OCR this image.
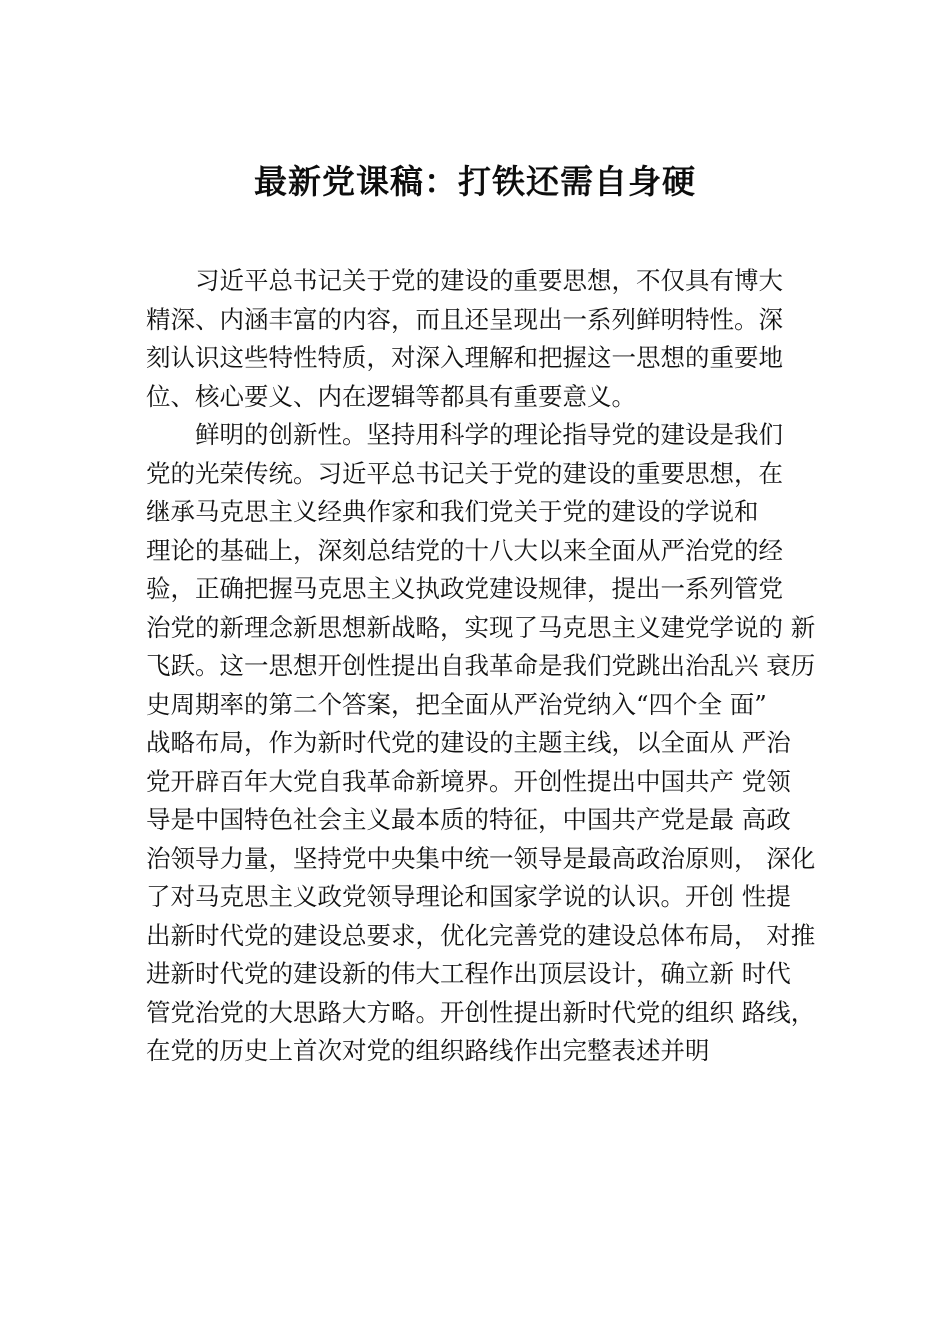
最新党课稿：打铁还需自身硬
习近平总书记关于党的建设的重要思想，不仅具有博大
精深、内涵丰富的内容，而且还呈现出一系列鲜明特性。深
刻认识这些特性特质，对深入理解和把握这一思想的重要地
位、核心要义、内在逻辑等都具有重要意义。
鲜明的创新性。坚持用科学的理论指导党的建设是我们
党的光荣传统。习近平总书记关于党的建设的重要思想，在
继承马克思主义经典作家和我们党关于党的建设的学说和
理论的基础上，深刻总结党的十八大以来全面从严治党的经
验，正确把握马克思主义执政党建设规律，提出一系列管党
治党的新理念新思想新战略，实现了马克思主义建党学说的 新
飞跃。这一思想开创性提出自我革命是我们党跳出治乱兴 衰历
史周期率的第二个答案，把全面从严治党纳入“四个全 面”
战略布局，作为新时代党的建设的主题主线，以全面从 严治
党开辟百年大党自我革命新境界。开创性提出中国共产 党领
导是中国特色社会主义最本质的特征，中国共产党是最 高政
治领导力量，坚持党中央集中统一领导是最高政治原则， 深化
了对马克思主义政党领导理论和国家学说的认识。开创 性提
出新时代党的建设总要求，优化完善党的建设总体布局， 对推
进新时代党的建设新的伟大工程作出顶层设计，确立新 时代
管党治党的大思路大方略。开创性提出新时代党的组织 路线，
在党的历史上首次对党的组织路线作出完整表述并明
